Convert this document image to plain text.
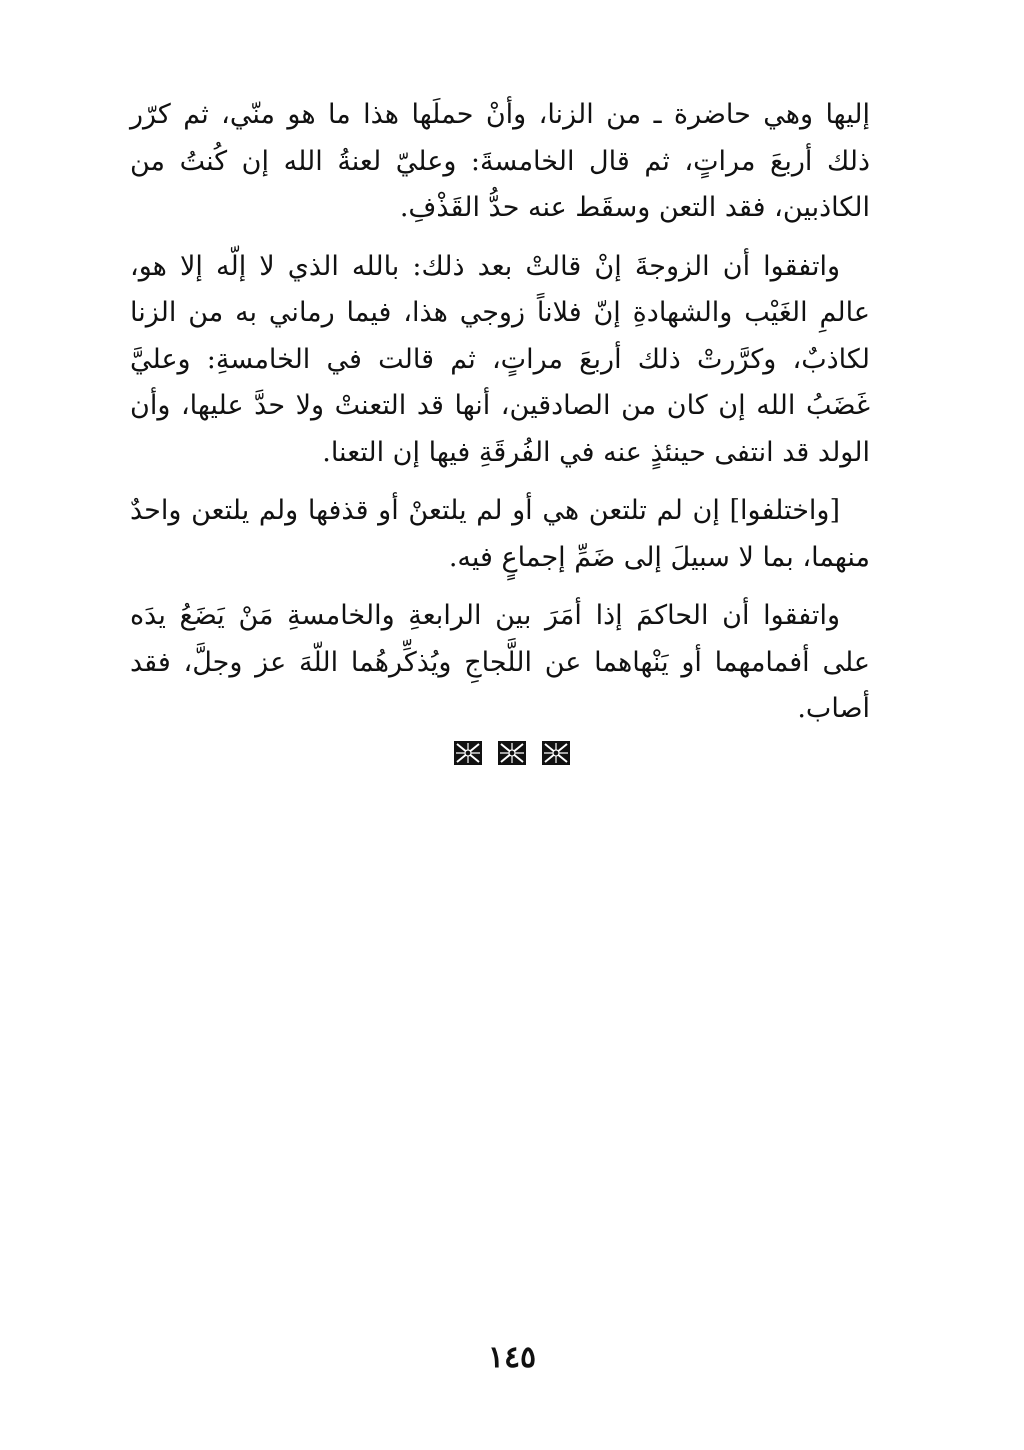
إليها وهي حاضرة ـ من الزنا، وأنْ حملَها هذا ما هو منّي، ثم كرّر ذلك أربعَ مراتٍ، ثم قال الخامسةَ: وعليّ لعنةُ الله إن كُنتُ من الكاذبين، فقد التعن وسقَط عنه حدُّ القَذْفِ.

واتفقوا أن الزوجةَ إنْ قالتْ بعد ذلك: بالله الذي لا إلّه إلا هو، عالمِ الغَيْب والشهادةِ إنّ فلاناً زوجي هذا، فيما رماني به من الزنا لكاذبٌ، وكرَّرتْ ذلك أربعَ مراتٍ، ثم قالت في الخامسةِ: وعليَّ غَضَبُ الله إن كان من الصادقين، أنها قد التعنتْ ولا حدَّ عليها، وأن الولد قد انتفى حينئذٍ عنه في الفُرقَةِ فيها إن التعنا.

[واختلفوا] إن لم تلتعن هي أو لم يلتعنْ أو قذفها ولم يلتعن واحدٌ منهما، بما لا سبيلَ إلى ضَمِّ إجماعٍ فيه.

واتفقوا أن الحاكمَ إذا أمَرَ بين الرابعةِ والخامسةِ مَنْ يَضَعُ يدَه على أفمامهما أو يَنْهاهما عن اللَّجاجِ ويُذكِّرهُما اللّهَ عز وجلَّ، فقد أصاب.

١٤٥
